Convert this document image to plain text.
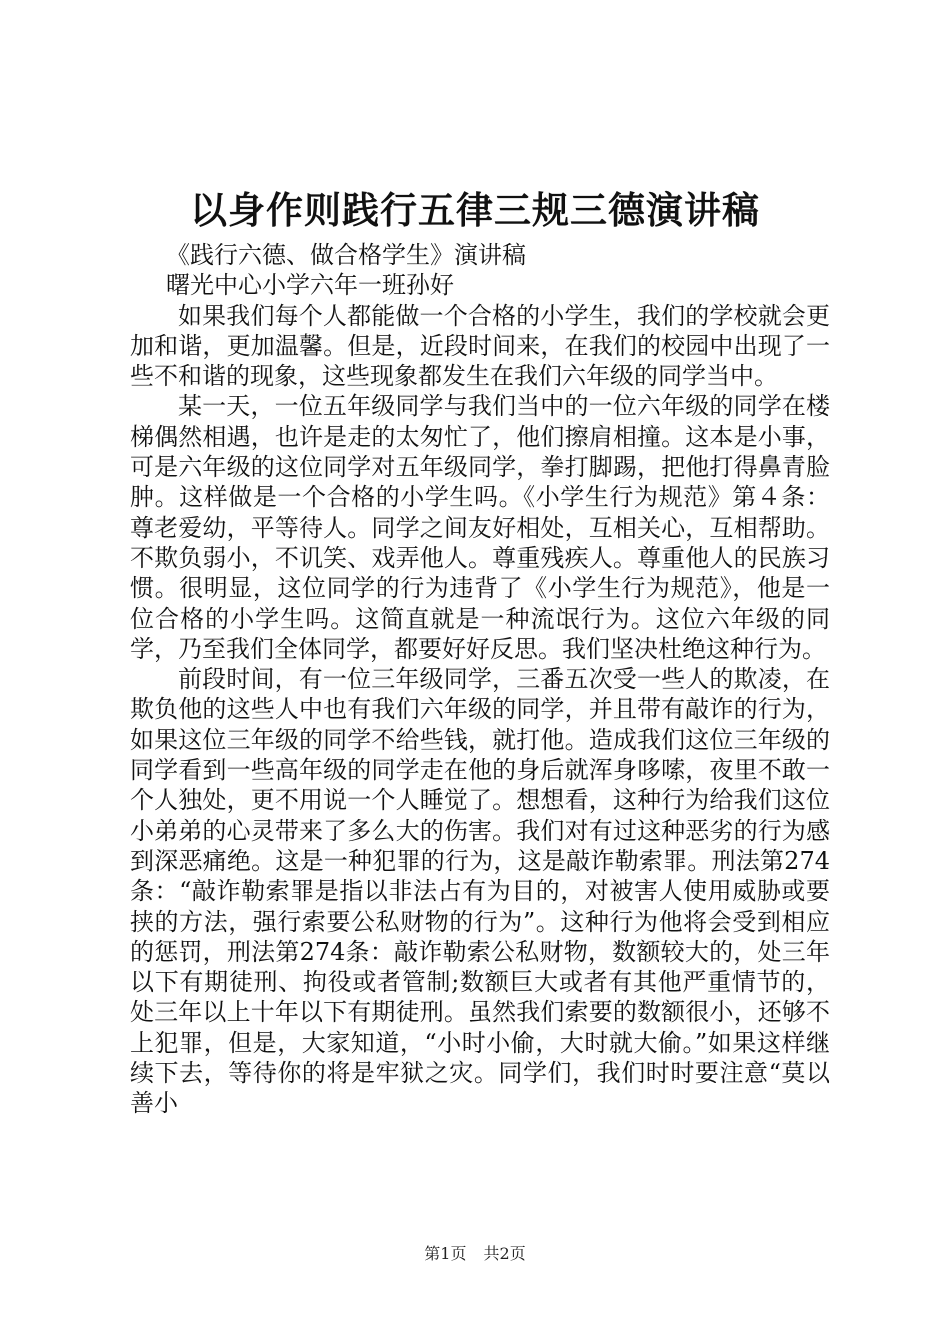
以身作则践行五律三规三德演讲稿

《践行六德、做合格学生》演讲稿

曙光中心小学六年一班孙好

如果我们每个人都能做一个合格的小学生，我们的学校就会更加和谐，更加温馨。但是，近段时间来，在我们的校园中出现了一些不和谐的现象，这些现象都发生在我们六年级的同学当中。

某一天，一位五年级同学与我们当中的一位六年级的同学在楼梯偶然相遇，也许是走的太匆忙了，他们擦肩相撞。这本是小事，可是六年级的这位同学对五年级同学，拳打脚踢，把他打得鼻青脸肿。这样做是一个合格的小学生吗。《小学生行为规范》第４条：尊老爱幼，平等待人。同学之间友好相处，互相关心，互相帮助。不欺负弱小，不讥笑、戏弄他人。尊重残疾人。尊重他人的民族习惯。很明显，这位同学的行为违背了《小学生行为规范》，他是一位合格的小学生吗。这简直就是一种流氓行为。这位六年级的同学，乃至我们全体同学，都要好好反思。我们坚决杜绝这种行为。

前段时间，有一位三年级同学，三番五次受一些人的欺凌，在欺负他的这些人中也有我们六年级的同学，并且带有敲诈的行为，如果这位三年级的同学不给些钱，就打他。造成我们这位三年级的同学看到一些高年级的同学走在他的身后就浑身哆嗦，夜里不敢一个人独处，更不用说一个人睡觉了。想想看，这种行为给我们这位小弟弟的心灵带来了多么大的伤害。我们对有过这种恶劣的行为感到深恶痛绝。这是一种犯罪的行为，这是敲诈勒索罪。刑法第274条：“敲诈勒索罪是指以非法占有为目的，对被害人使用威胁或要挟的方法，强行索要公私财物的行为”。这种行为他将会受到相应的惩罚，刑法第274条：敲诈勒索公私财物，数额较大的，处三年以下有期徒刑、拘役或者管制;数额巨大或者有其他严重情节的，处三年以上十年以下有期徒刑。虽然我们索要的数额很小，还够不上犯罪，但是，大家知道，“小时小偷，大时就大偷。”如果这样继续下去，等待你的将是牢狱之灾。同学们，我们时时要注意“莫以善小

第1页 共2页
